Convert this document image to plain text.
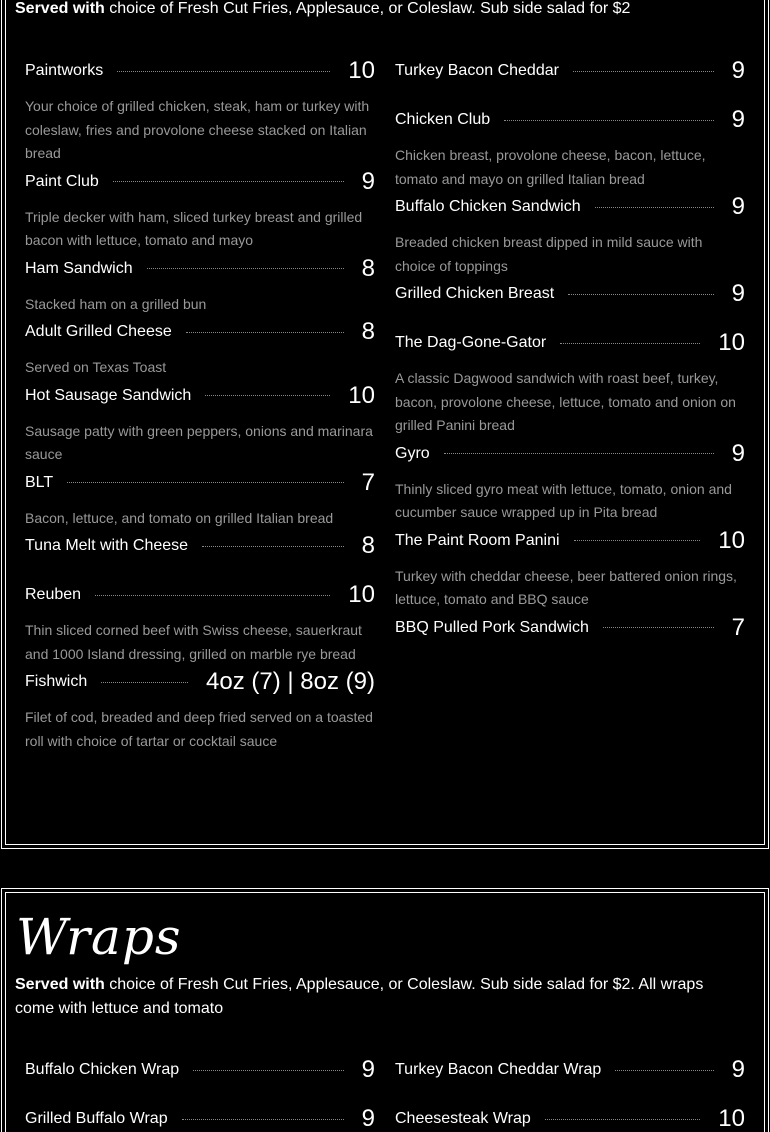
Served with choice of Fresh Cut Fries, Applesauce, or Coleslaw. Sub side salad for $2
Paintworks	10
Your choice of grilled chicken, steak, ham or turkey with coleslaw, fries and provolone cheese stacked on Italian bread
Paint Club	9
Triple decker with ham, sliced turkey breast and grilled bacon with lettuce, tomato and mayo
Ham Sandwich	8
Stacked ham on a grilled bun
Adult Grilled Cheese	8
Served on Texas Toast
Hot Sausage Sandwich	10
Sausage patty with green peppers, onions and marinara sauce
BLT	7
Bacon, lettuce, and tomato on grilled Italian bread
Tuna Melt with Cheese	8
Reuben	10
Thin sliced corned beef with Swiss cheese, sauerkraut and 1000 Island dressing, grilled on marble rye bread
Fishwich	4oz (7) | 8oz (9)
Filet of cod, breaded and deep fried served on a toasted roll with choice of tartar or cocktail sauce
Turkey Bacon Cheddar	9
Chicken Club	9
Chicken breast, provolone cheese, bacon, lettuce, tomato and mayo on grilled Italian bread
Buffalo Chicken Sandwich	9
Breaded chicken breast dipped in mild sauce with choice of toppings
Grilled Chicken Breast	9
The Dag-Gone-Gator	10
A classic Dagwood sandwich with roast beef, turkey, bacon, provolone cheese, lettuce, tomato and onion on grilled Panini bread
Gyro	9
Thinly sliced gyro meat with lettuce, tomato, onion and cucumber sauce wrapped up in Pita bread
The Paint Room Panini	10
Turkey with cheddar cheese, beer battered onion rings, lettuce, tomato and BBQ sauce
BBQ Pulled Pork Sandwich	7
Wraps
Served with choice of Fresh Cut Fries, Applesauce, or Coleslaw. Sub side salad for $2. All wraps come with lettuce and tomato
Buffalo Chicken Wrap	9
Grilled Buffalo Wrap	9
Turkey Bacon Cheddar Wrap	9
Cheesesteak Wrap	10
